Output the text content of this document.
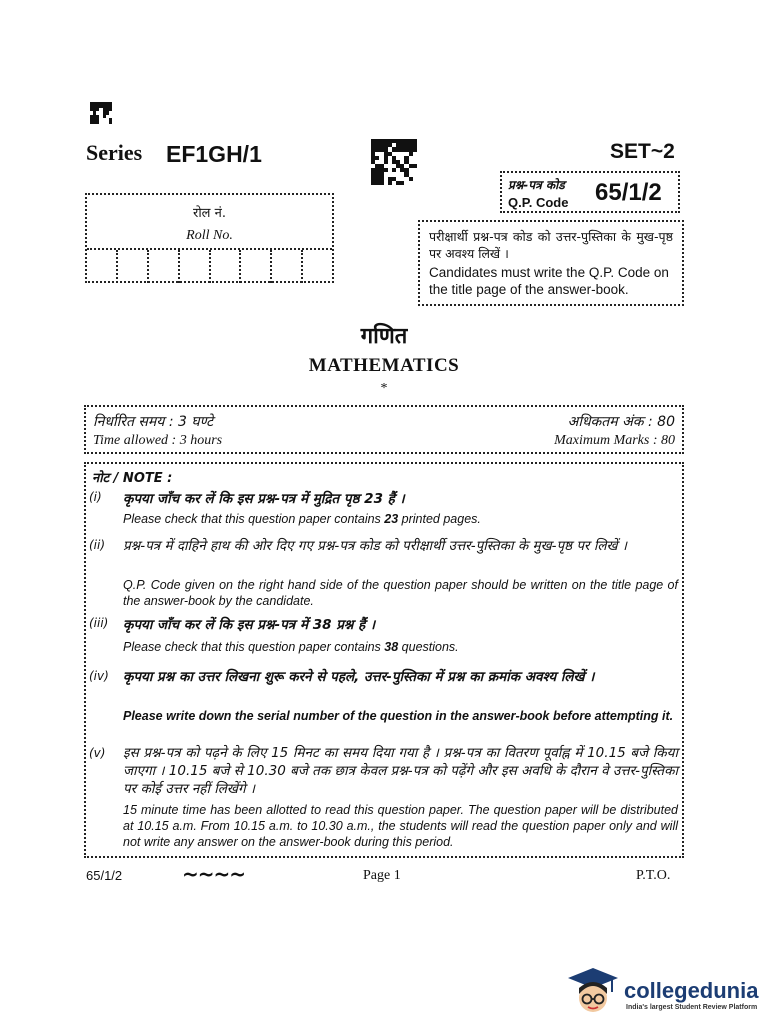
Series EF1GH/1	SET~2
प्रश्न-पत्र कोड
Q.P. Code 65/1/2
रोल नं.
Roll No.	परीक्षार्थी प्रश्न-पत्र कोड को उत्तर-पुस्तिका के मुख-पृष्ठ पर अवश्य लिखें ।
Candidates must write the Q.P. Code on the title page of the answer-book.
गणित
MATHEMATICS
*
निर्धारित समय : 3 घण्टे
Time allowed : 3 hours
अधिकतम अंक : 80
Maximum Marks : 80
नोट / NOTE :
(i) कृपया जाँच कर लें कि इस प्रश्न-पत्र में मुद्रित पृष्ठ 23 हैं ।
Please check that this question paper contains 23 printed pages.
(ii) प्रश्न-पत्र में दाहिने हाथ की ओर दिए गए प्रश्न-पत्र कोड को परीक्षार्थी उत्तर-पुस्तिका के मुख-पृष्ठ पर लिखें ।
Q.P. Code given on the right hand side of the question paper should be written on the title page of the answer-book by the candidate.
(iii) कृपया जाँच कर लें कि इस प्रश्न-पत्र में 38 प्रश्न हैं ।
Please check that this question paper contains 38 questions.
(iv) कृपया प्रश्न का उत्तर लिखना शुरू करने से पहले, उत्तर-पुस्तिका में प्रश्न का क्रमांक अवश्य लिखें ।
Please write down the serial number of the question in the answer-book before attempting it.
(v) इस प्रश्न-पत्र को पढ़ने के लिए 15 मिनट का समय दिया गया है । प्रश्न-पत्र का वितरण पूर्वाह्न में 10.15 बजे किया जाएगा । 10.15 बजे से 10.30 बजे तक छात्र केवल प्रश्न-पत्र को पढ़ेंगे और इस अवधि के दौरान वे उत्तर-पुस्तिका पर कोई उत्तर नहीं लिखेंगे ।
15 minute time has been allotted to read this question paper. The question paper will be distributed at 10.15 a.m. From 10.15 a.m. to 10.30 a.m., the students will read the question paper only and will not write any answer on the answer-book during this period.
65/1/2	~~~~	Page 1	P.T.O.
collegedunia
India's largest Student Review Platform
